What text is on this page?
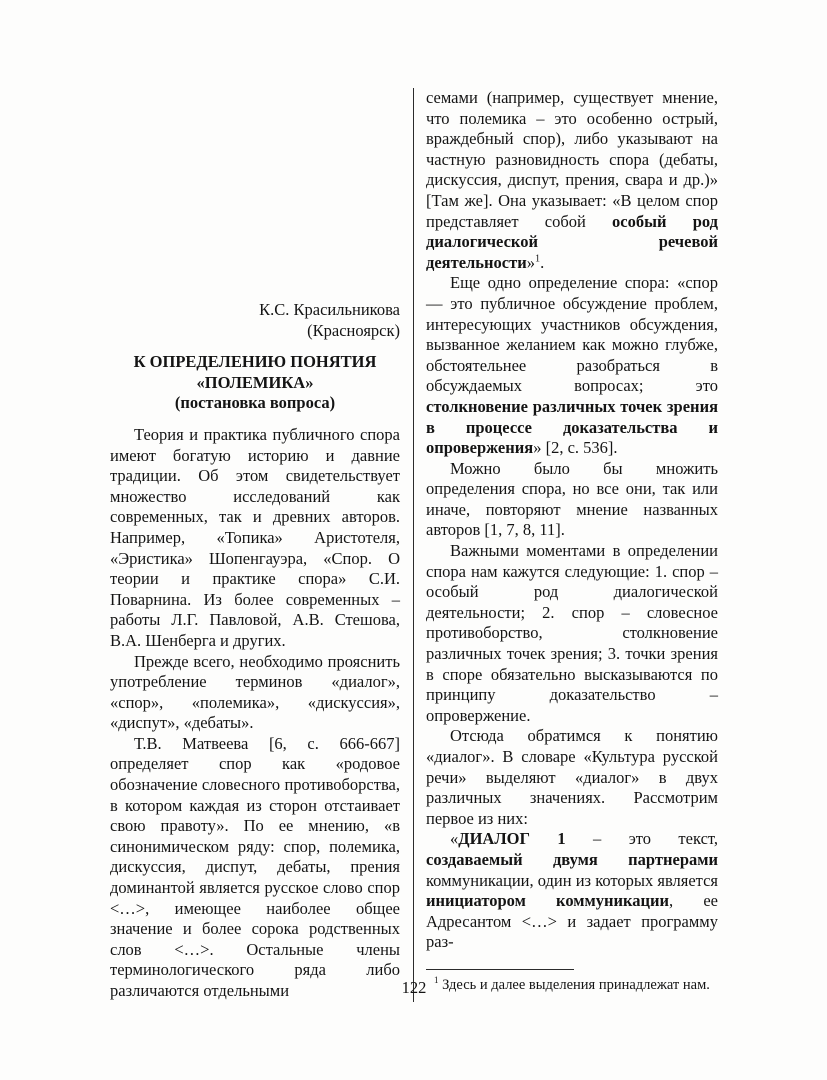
К.С. Красильникова
(Красноярск)
К ОПРЕДЕЛЕНИЮ ПОНЯТИЯ
«ПОЛЕМИКА»
(постановка вопроса)

Теория и практика публичного спора имеют богатую историю и давние традиции. Об этом свидетельствует множество исследований как современных, так и древних авторов. Например, «Топика» Аристотеля, «Эристика» Шопенгауэра, «Спор. О теории и практике спора» С.И. Поварнина. Из более современных – работы Л.Г. Павловой, А.В. Стешова, В.А. Шенберга и других.

Прежде всего, необходимо прояснить употребление терминов «диалог», «спор», «полемика», «дискуссия», «диспут», «дебаты».

Т.В. Матвеева [6, с. 666-667] определяет спор как «родовое обозначение словесного противоборства, в котором каждая из сторон отстаивает свою правоту». По ее мнению, «в синонимическом ряду: спор, полемика, дискуссия, диспут, дебаты, прения доминантой является русское слово спор <…>, имеющее наиболее общее значение и более сорока родственных слов <…>. Остальные члены терминологического ряда либо различаются отдельными

семами (например, существует мнение, что полемика – это особенно острый, враждебный спор), либо указывают на частную разновидность спора (дебаты, дискуссия, диспут, прения, свара и др.)» [Там же]. Она указывает: «В целом спор представляет собой особый род диалогической речевой деятельности»$^1$.

Еще одно определение спора: «спор — это публичное обсуждение проблем, интересующих участников обсуждения, вызванное желанием как можно глубже, обстоятельнее разобраться в обсуждаемых вопросах; это столкновение различных точек зрения в процессе доказательства и опровержения» [2, с. 536].

Можно было бы множить определения спора, но все они, так или иначе, повторяют мнение названных авторов [1, 7, 8, 11].

Важными моментами в определении спора нам кажутся следующие: 1. спор – особый род диалогической деятельности; 2. спор – словесное противоборство, столкновение различных точек зрения; 3. точки зрения в споре обязательно высказываются по принципу доказательство – опровержение.

Отсюда обратимся к понятию «диалог». В словаре «Культура русской речи» выделяют «диалог» в двух различных значениях. Рассмотрим первое из них:

«ДИАЛОГ 1 – это текст, создаваемый двумя партнерами коммуникации, один из которых является инициатором коммуникации, ее Адресантом <…> и задает программу раз-

$^1$ Здесь и далее выделения принадлежат нам.
122
